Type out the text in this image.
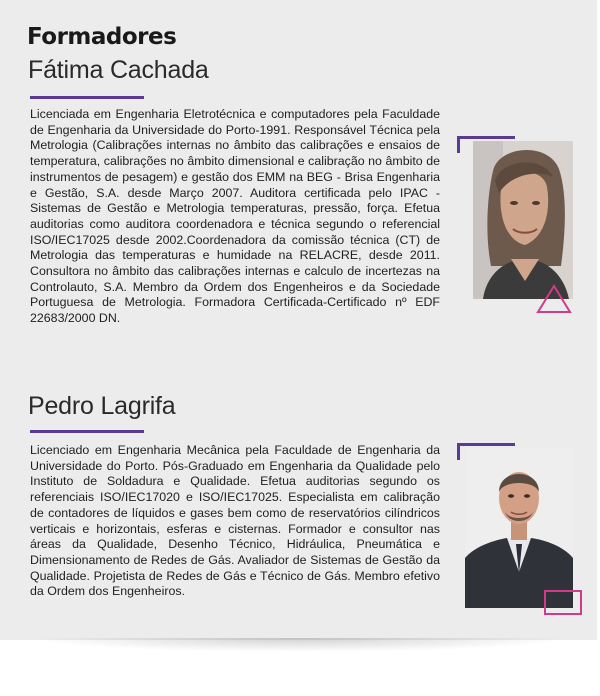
Formadores
Fátima Cachada

Licenciada em Engenharia Eletrotécnica e computadores pela Faculdade de Engenharia da Universidade do Porto-1991. Responsável Técnica pela Metrologia (Calibrações internas no âmbito das calibrações e ensaios de temperatura, calibrações no âmbito dimensional e calibração no âmbito de instrumentos de pesagem) e gestão dos EMM na BEG - Brisa Engenharia e Gestão, S.A. desde Março 2007. Auditora certificada pelo IPAC - Sistemas de Gestão e Metrologia temperaturas, pressão, força. Efetua auditorias como auditora coordenadora e técnica segundo o referencial ISO/IEC17025 desde 2002.Coordenadora da comissão técnica (CT) de Metrologia das temperaturas e humidade na RELACRE, desde 2011. Consultora no âmbito das calibrações internas e calculo de incertezas na Controlauto, S.A. Membro da Ordem dos Engenheiros e da Sociedade Portuguesa de Metrologia. Formadora Certificada-Certificado nº EDF 22683/2000 DN.

Pedro Lagrifa

Licenciado em Engenharia Mecânica pela Faculdade de Engenharia da Universidade do Porto. Pós-Graduado em Engenharia da Qualidade pelo Instituto de Soldadura e Qualidade. Efetua auditorias segundo os referenciais ISO/IEC17020 e ISO/IEC17025. Especialista em calibração de contadores de líquidos e gases bem como de reservatórios cilíndricos verticais e horizontais, esferas e cisternas. Formador e consultor nas áreas da Qualidade, Desenho Técnico, Hidráulica, Pneumática e Dimensionamento de Redes de Gás. Avaliador de Sistemas de Gestão da Qualidade. Projetista de Redes de Gás e Técnico de Gás. Membro efetivo da Ordem dos Engenheiros.
